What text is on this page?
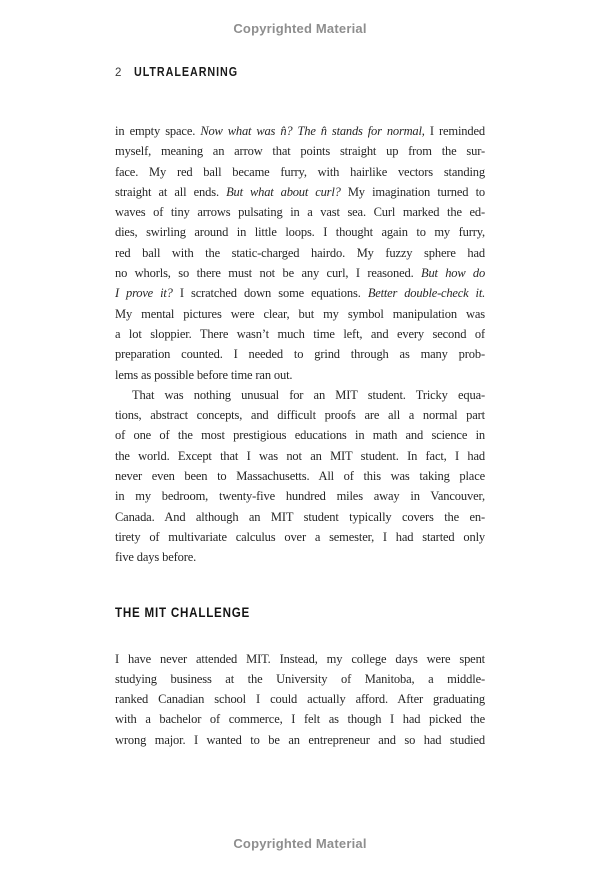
Copyrighted Material
2 ULTRALEARNING
in empty space. Now what was n̂? The n̂ stands for normal, I reminded
myself, meaning an arrow that points straight up from the sur-
face. My red ball became furry, with hairlike vectors standing
straight at all ends. But what about curl? My imagination turned to
waves of tiny arrows pulsating in a vast sea. Curl marked the ed-
dies, swirling around in little loops. I thought again to my furry,
red ball with the static-charged hairdo. My fuzzy sphere had
no whorls, so there must not be any curl, I reasoned. But how do
I prove it? I scratched down some equations. Better double-check it.
My mental pictures were clear, but my symbol manipulation was
a lot sloppier. There wasn’t much time left, and every second of
preparation counted. I needed to grind through as many prob-
lems as possible before time ran out.
That was nothing unusual for an MIT student. Tricky equa-
tions, abstract concepts, and difficult proofs are all a normal part
of one of the most prestigious educations in math and science in
the world. Except that I was not an MIT student. In fact, I had
never even been to Massachusetts. All of this was taking place
in my bedroom, twenty-five hundred miles away in Vancouver,
Canada. And although an MIT student typically covers the en-
tirety of multivariate calculus over a semester, I had started only
five days before.
THE MIT CHALLENGE
I have never attended MIT. Instead, my college days were spent
studying business at the University of Manitoba, a middle-
ranked Canadian school I could actually afford. After graduating
with a bachelor of commerce, I felt as though I had picked the
wrong major. I wanted to be an entrepreneur and so had studied
Copyrighted Material
